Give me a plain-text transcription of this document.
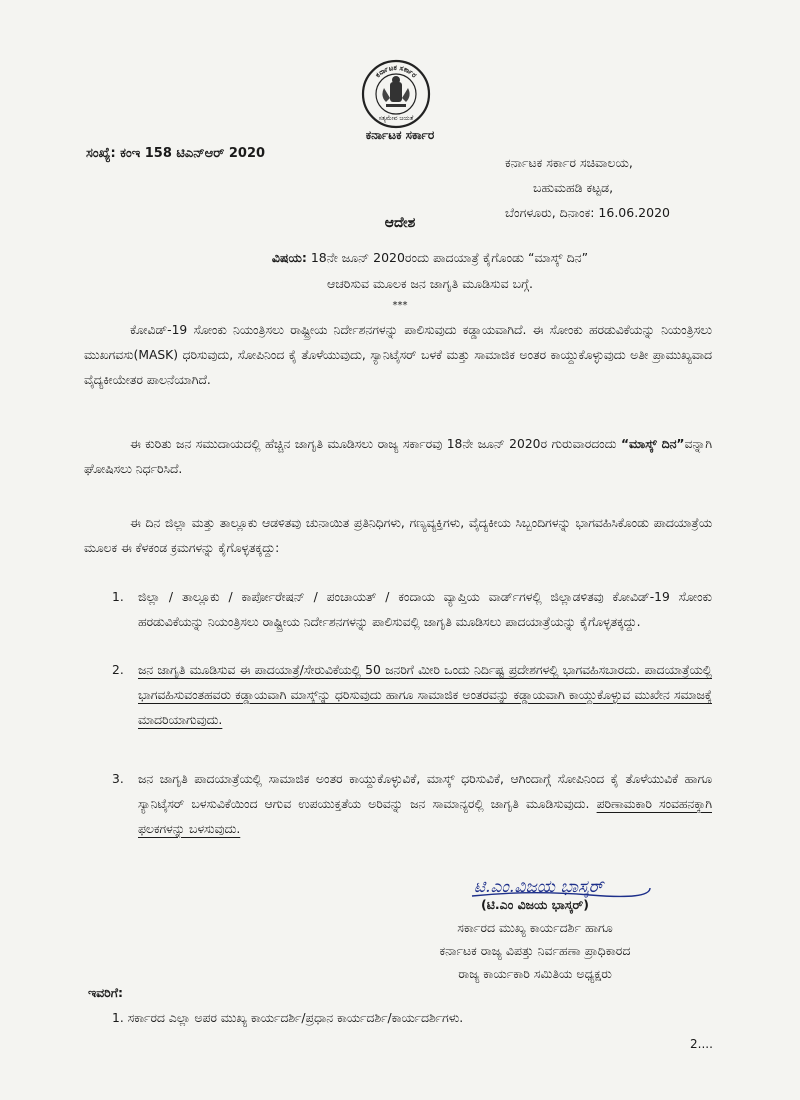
ಕರ್ನಾಟಕ ಸರ್ಕಾರ
ಸತ್ಯಮೇವ ಜಯತೆ
ಕರ್ನಾಟಕ ಸರ್ಕಾರ
ಸಂಖ್ಯೆ: ಕಂಇ 158 ಟಿಎನ್‌ಆರ್ 2020
ಕರ್ನಾಟಕ ಸರ್ಕಾರ ಸಚಿವಾಲಯ,
ಬಹುಮಹಡಿ ಕಟ್ಟಡ,
ಬೆಂಗಳೂರು, ದಿನಾಂಕ: 16.06.2020
ಆದೇಶ
ವಿಷಯ: 18ನೇ ಜೂನ್ 2020ರಂದು ಪಾದಯಾತ್ರೆ ಕೈಗೊಂಡು “ಮಾಸ್ಕ್ ದಿನ”
ಆಚರಿಸುವ ಮೂಲಕ ಜನ ಜಾಗೃತಿ ಮೂಡಿಸುವ ಬಗ್ಗೆ.
***
ಕೋವಿಡ್-19 ಸೋಂಕು ನಿಯಂತ್ರಿಸಲು ರಾಷ್ಟ್ರೀಯ ನಿರ್ದೇಶನಗಳನ್ನು ಪಾಲಿಸುವುದು ಕಡ್ಡಾಯವಾಗಿದೆ. ಈ ಸೋಂಕು ಹರಡುವಿಕೆಯನ್ನು ನಿಯಂತ್ರಿಸಲು ಮುಖಗವಸು(MASK) ಧರಿಸುವುದು, ಸೋಪಿನಿಂದ ಕೈ ತೊಳೆಯುವುದು, ಸ್ಯಾನಿಟೈಸರ್ ಬಳಕೆ ಮತ್ತು ಸಾಮಾಜಿಕ ಅಂತರ ಕಾಯ್ದುಕೊಳ್ಳುವುದು ಅತೀ ಪ್ರಾಮುಖ್ಯವಾದ ವೈದ್ಯಕೀಯೇತರ ಪಾಲನೆಯಾಗಿದೆ.
ಈ ಕುರಿತು ಜನ ಸಮುದಾಯದಲ್ಲಿ ಹೆಚ್ಚಿನ ಜಾಗೃತಿ ಮೂಡಿಸಲು ರಾಜ್ಯ ಸರ್ಕಾರವು 18ನೇ ಜೂನ್ 2020ರ ಗುರುವಾರದಂದು “ಮಾಸ್ಕ್ ದಿನ”ವನ್ನಾಗಿ ಘೋಷಿಸಲು ನಿರ್ಧರಿಸಿದೆ.
ಈ ದಿನ ಜಿಲ್ಲಾ ಮತ್ತು ತಾಲ್ಲೂಕು ಆಡಳಿತವು ಚುನಾಯಿತ ಪ್ರತಿನಿಧಿಗಳು, ಗಣ್ಯವ್ಯಕ್ತಿಗಳು, ವೈದ್ಯಕೀಯ ಸಿಬ್ಬಂದಿಗಳನ್ನು ಭಾಗವಹಿಸಿಕೊಂಡು ಪಾದಯಾತ್ರೆಯ ಮೂಲಕ ಈ ಕೆಳಕಂಡ ಕ್ರಮಗಳನ್ನು ಕೈಗೊಳ್ಳತಕ್ಕದ್ದು:
1. ಜಿಲ್ಲಾ / ತಾಲ್ಲೂಕು / ಕಾರ್ಪೋರೇಷನ್ / ಪಂಚಾಯತ್ / ಕಂದಾಯ ವ್ಯಾಪ್ತಿಯ ವಾರ್ಡ್‌ಗಳಲ್ಲಿ ಜಿಲ್ಲಾಡಳಿತವು ಕೋವಿಡ್-19 ಸೋಂಕು ಹರಡುವಿಕೆಯನ್ನು ನಿಯಂತ್ರಿಸಲು ರಾಷ್ಟ್ರೀಯ ನಿರ್ದೇಶನಗಳನ್ನು ಪಾಲಿಸುವಲ್ಲಿ ಜಾಗೃತಿ ಮೂಡಿಸಲು ಪಾದಯಾತ್ರೆಯನ್ನು ಕೈಗೊಳ್ಳತಕ್ಕದ್ದು.
2. ಜನ ಜಾಗೃತಿ ಮೂಡಿಸುವ ಈ ಪಾದಯಾತ್ರೆ/ಸೇರುವಿಕೆಯಲ್ಲಿ 50 ಜನರಿಗೆ ಮೀರಿ ಒಂದು ನಿರ್ದಿಷ್ಟ ಪ್ರದೇಶಗಳಲ್ಲಿ ಭಾಗವಹಿಸಬಾರದು. ಪಾದಯಾತ್ರೆಯಲ್ಲಿ ಭಾಗವಹಿಸುವಂತಹವರು ಕಡ್ಡಾಯವಾಗಿ ಮಾಸ್ಕ್‌ನ್ನು ಧರಿಸುವುದು ಹಾಗೂ ಸಾಮಾಜಿಕ ಅಂತರವನ್ನು ಕಡ್ಡಾಯವಾಗಿ ಕಾಯ್ದುಕೊಳ್ಳುವ ಮುಖೇನ ಸಮಾಜಕ್ಕೆ ಮಾದರಿಯಾಗುವುದು.
3. ಜನ ಜಾಗೃತಿ ಪಾದಯಾತ್ರೆಯಲ್ಲಿ ಸಾಮಾಜಿಕ ಅಂತರ ಕಾಯ್ದುಕೊಳ್ಳುವಿಕೆ, ಮಾಸ್ಕ್ ಧರಿಸುವಿಕೆ, ಆಗಿಂದಾಗ್ಗೆ ಸೋಪಿನಿಂದ ಕೈ ತೊಳೆಯುವಿಕೆ ಹಾಗೂ ಸ್ಯಾನಿಟೈಸರ್ ಬಳಸುವಿಕೆಯಿಂದ ಆಗುವ ಉಪಯುಕ್ತತೆಯ ಅರಿವನ್ನು ಜನ ಸಾಮಾನ್ಯರಲ್ಲಿ ಜಾಗೃತಿ ಮೂಡಿಸುವುದು. ಪರಿಣಾಮಕಾರಿ ಸಂವಹನಕ್ಕಾಗಿ ಫಲಕಗಳನ್ನು ಬಳಸುವುದು.
ಟಿ.ಎಂ.ವಿಜಯ ಭಾಸ್ಕರ್
(ಟಿ.ಎಂ ವಿಜಯ ಭಾಸ್ಕರ್)
ಸರ್ಕಾರದ ಮುಖ್ಯ ಕಾರ್ಯದರ್ಶಿ ಹಾಗೂ
ಕರ್ನಾಟಕ ರಾಜ್ಯ ವಿಪತ್ತು ನಿರ್ವಹಣಾ ಪ್ರಾಧಿಕಾರದ
ರಾಜ್ಯ ಕಾರ್ಯಕಾರಿ ಸಮಿತಿಯ ಅಧ್ಯಕ್ಷರು
ಇವರಿಗೆ:
1. ಸರ್ಕಾರದ ಎಲ್ಲಾ ಅಪರ ಮುಖ್ಯ ಕಾರ್ಯದರ್ಶಿ/ಪ್ರಧಾನ ಕಾರ್ಯದರ್ಶಿ/ಕಾರ್ಯದರ್ಶಿಗಳು.
2....
